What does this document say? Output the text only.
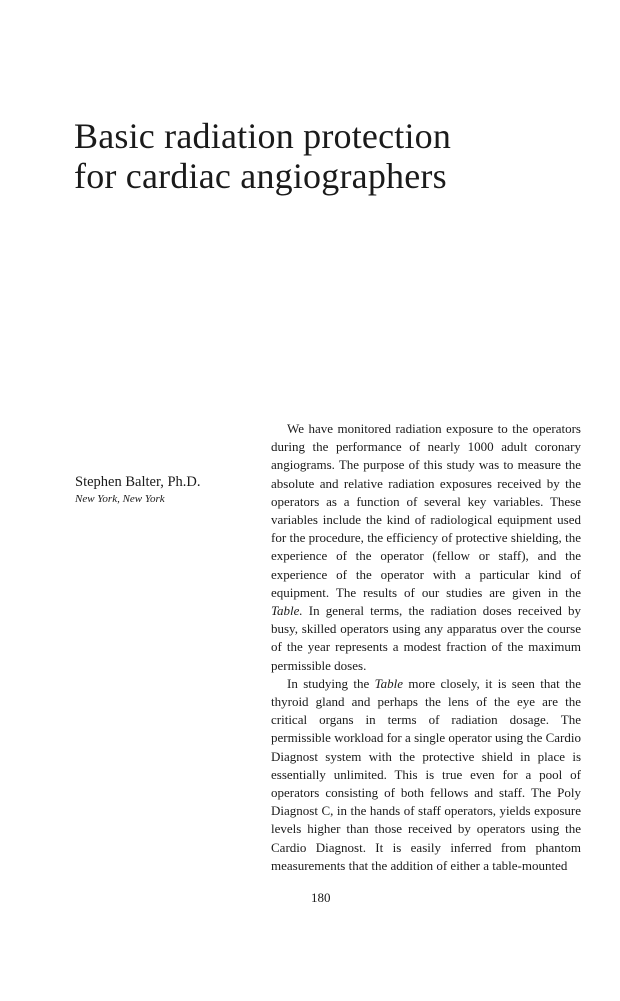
Basic radiation protection
for cardiac angiographers
Stephen Balter, Ph.D.
New York, New York

We have monitored radiation exposure to the operators during the performance of nearly 1000 adult coronary angiograms. The purpose of this study was to measure the absolute and relative radiation exposures received by the operators as a function of several key variables. These variables include the kind of radiological equipment used for the procedure, the efficiency of protective shielding, the experience of the operator (fellow or staff), and the experience of the operator with a particular kind of equipment. The results of our studies are given in the Table. In general terms, the radiation doses received by busy, skilled operators using any apparatus over the course of the year represents a modest fraction of the maximum permissible doses.

In studying the Table more closely, it is seen that the thyroid gland and perhaps the lens of the eye are the critical organs in terms of radiation dosage. The permissible workload for a single operator using the Cardio Diagnost system with the protective shield in place is essentially unlimited. This is true even for a pool of operators consisting of both fellows and staff. The Poly Diagnost C, in the hands of staff operators, yields exposure levels higher than those received by operators using the Cardio Diagnost. It is easily inferred from phantom measurements that the addition of either a table-mounted

180
